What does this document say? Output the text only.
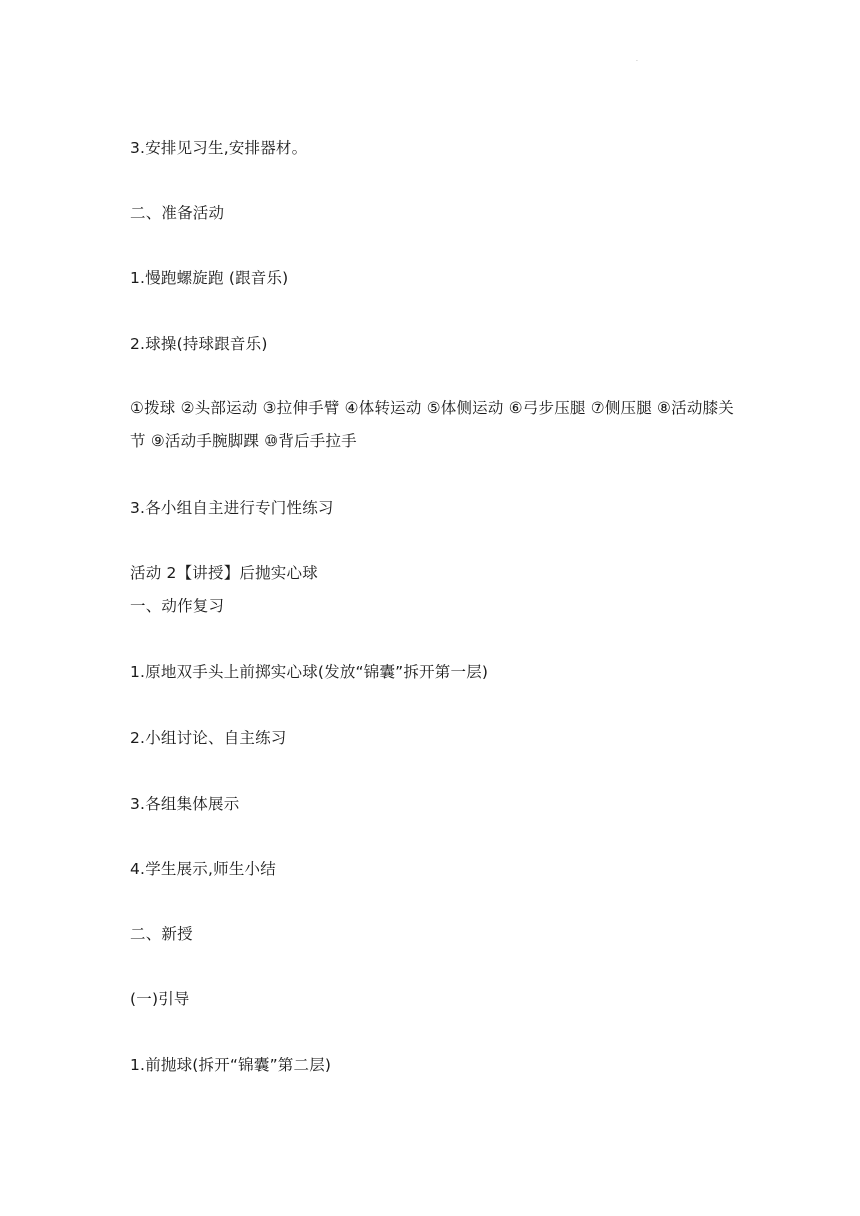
·
3.安排见习生,安排器材。
二、准备活动
1.慢跑螺旋跑 (跟音乐)
2.球操(持球跟音乐)
①拨球 ②头部运动 ③拉伸手臂 ④体转运动 ⑤体侧运动 ⑥弓步压腿 ⑦侧压腿 ⑧活动膝关节 ⑨活动手腕脚踝 ⑩背后手拉手
3.各小组自主进行专门性练习
活动 2【讲授】后抛实心球
一、动作复习
1.原地双手头上前掷实心球(发放“锦囊”拆开第一层)
2.小组讨论、自主练习
3.各组集体展示
4.学生展示,师生小结
二、新授
(一)引导
1.前抛球(拆开“锦囊”第二层)
